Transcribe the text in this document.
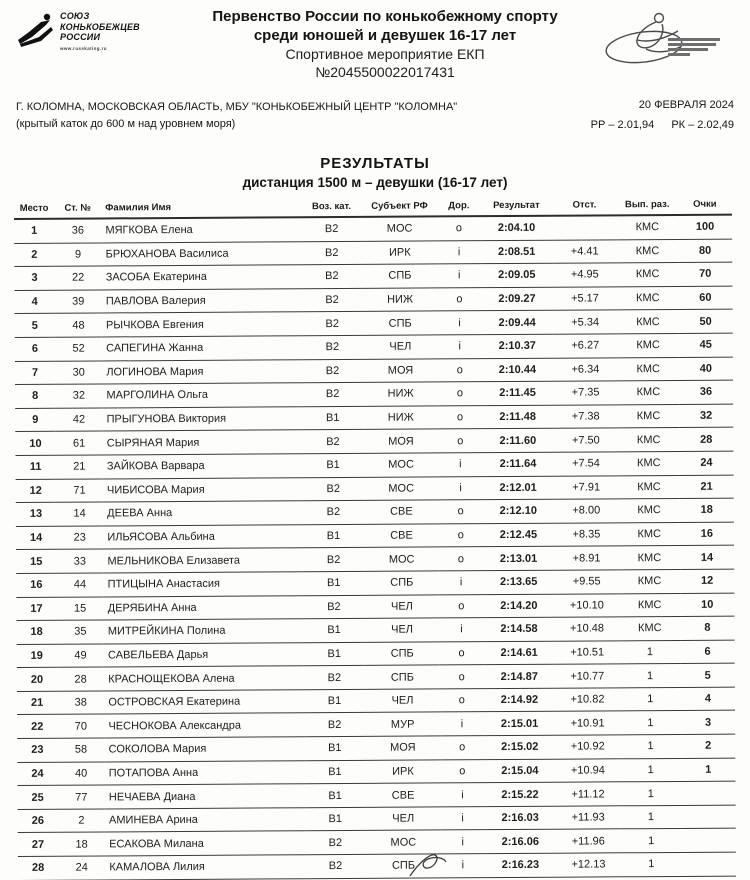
СОЮЗ
КОНЬКОБЕЖЦЕВ
РОССИИ
www.russkating.ru
Первенство России по конькобежному спорту
среди юношей и девушек 16-17 лет
Спортивное мероприятие ЕКП
№2045500022017431
Г. КОЛОМНА, МОСКОВСКАЯ ОБЛАСТЬ, МБУ "КОНЬКОБЕЖНЫЙ ЦЕНТР "КОЛОМНА"
(крытый каток до 600 м над уровнем моря)
20 ФЕВРАЛЯ 2024
РР – 2.01,94 РК – 2.02,49
РЕЗУЛЬТАТЫ
дистанция 1500 м – девушки (16-17 лет)
Место	Ст. №	Фамилия Имя	Воз. кат.	Субъект РФ	Дор.	Результат	Отст.	Вып. раз.	Очки
1	36	МЯГКОВА Елена	В2	МОС	o	2:04.10		КМС	100
2	9	БРЮХАНОВА Василиса	В2	ИРК	i	2:08.51	+4.41	КМС	80
3	22	ЗАСОБА Екатерина	В2	СПБ	i	2:09.05	+4.95	КМС	70
4	39	ПАВЛОВА Валерия	В2	НИЖ	o	2:09.27	+5.17	КМС	60
5	48	РЫЧКОВА Евгения	В2	СПБ	i	2:09.44	+5.34	КМС	50
6	52	САПЕГИНА Жанна	В2	ЧЕЛ	i	2:10.37	+6.27	КМС	45
7	30	ЛОГИНОВА Мария	В2	МОЯ	o	2:10.44	+6.34	КМС	40
8	32	МАРГОЛИНА Ольга	В2	НИЖ	o	2:11.45	+7.35	КМС	36
9	42	ПРЫГУНОВА Виктория	В1	НИЖ	o	2:11.48	+7.38	КМС	32
10	61	СЫРЯНАЯ Мария	В2	МОЯ	o	2:11.60	+7.50	КМС	28
11	21	ЗАЙКОВА Варвара	В1	МОС	i	2:11.64	+7.54	КМС	24
12	71	ЧИБИСОВА Мария	В2	МОС	i	2:12.01	+7.91	КМС	21
13	14	ДЕЕВА Анна	В2	СВЕ	o	2:12.10	+8.00	КМС	18
14	23	ИЛЬЯСОВА Альбина	В1	СВЕ	o	2:12.45	+8.35	КМС	16
15	33	МЕЛЬНИКОВА Елизавета	В2	МОС	o	2:13.01	+8.91	КМС	14
16	44	ПТИЦЫНА Анастасия	В1	СПБ	i	2:13.65	+9.55	КМС	12
17	15	ДЕРЯБИНА Анна	В2	ЧЕЛ	o	2:14.20	+10.10	КМС	10
18	35	МИТРЕЙКИНА Полина	В1	ЧЕЛ	i	2:14.58	+10.48	КМС	8
19	49	САВЕЛЬЕВА Дарья	В1	СПБ	o	2:14.61	+10.51	1	6
20	28	КРАСНОЩЕКОВА Алена	В2	СПБ	o	2:14.87	+10.77	1	5
21	38	ОСТРОВСКАЯ Екатерина	В1	ЧЕЛ	o	2:14.92	+10.82	1	4
22	70	ЧЕСНОКОВА Александра	В2	МУР	i	2:15.01	+10.91	1	3
23	58	СОКОЛОВА Мария	В1	МОЯ	o	2:15.02	+10.92	1	2
24	40	ПОТАПОВА Анна	В1	ИРК	o	2:15.04	+10.94	1	1
25	77	НЕЧАЕВА Диана	В1	СВЕ	i	2:15.22	+11.12	1	
26	2	АМИНЕВА Арина	В1	ЧЕЛ	i	2:16.03	+11.93	1	
27	18	ЕСАКОВА Милана	В2	МОС	i	2:16.06	+11.96	1	
28	24	КАМАЛОВА Лилия	В2	СПБ	i	2:16.23	+12.13	1	
